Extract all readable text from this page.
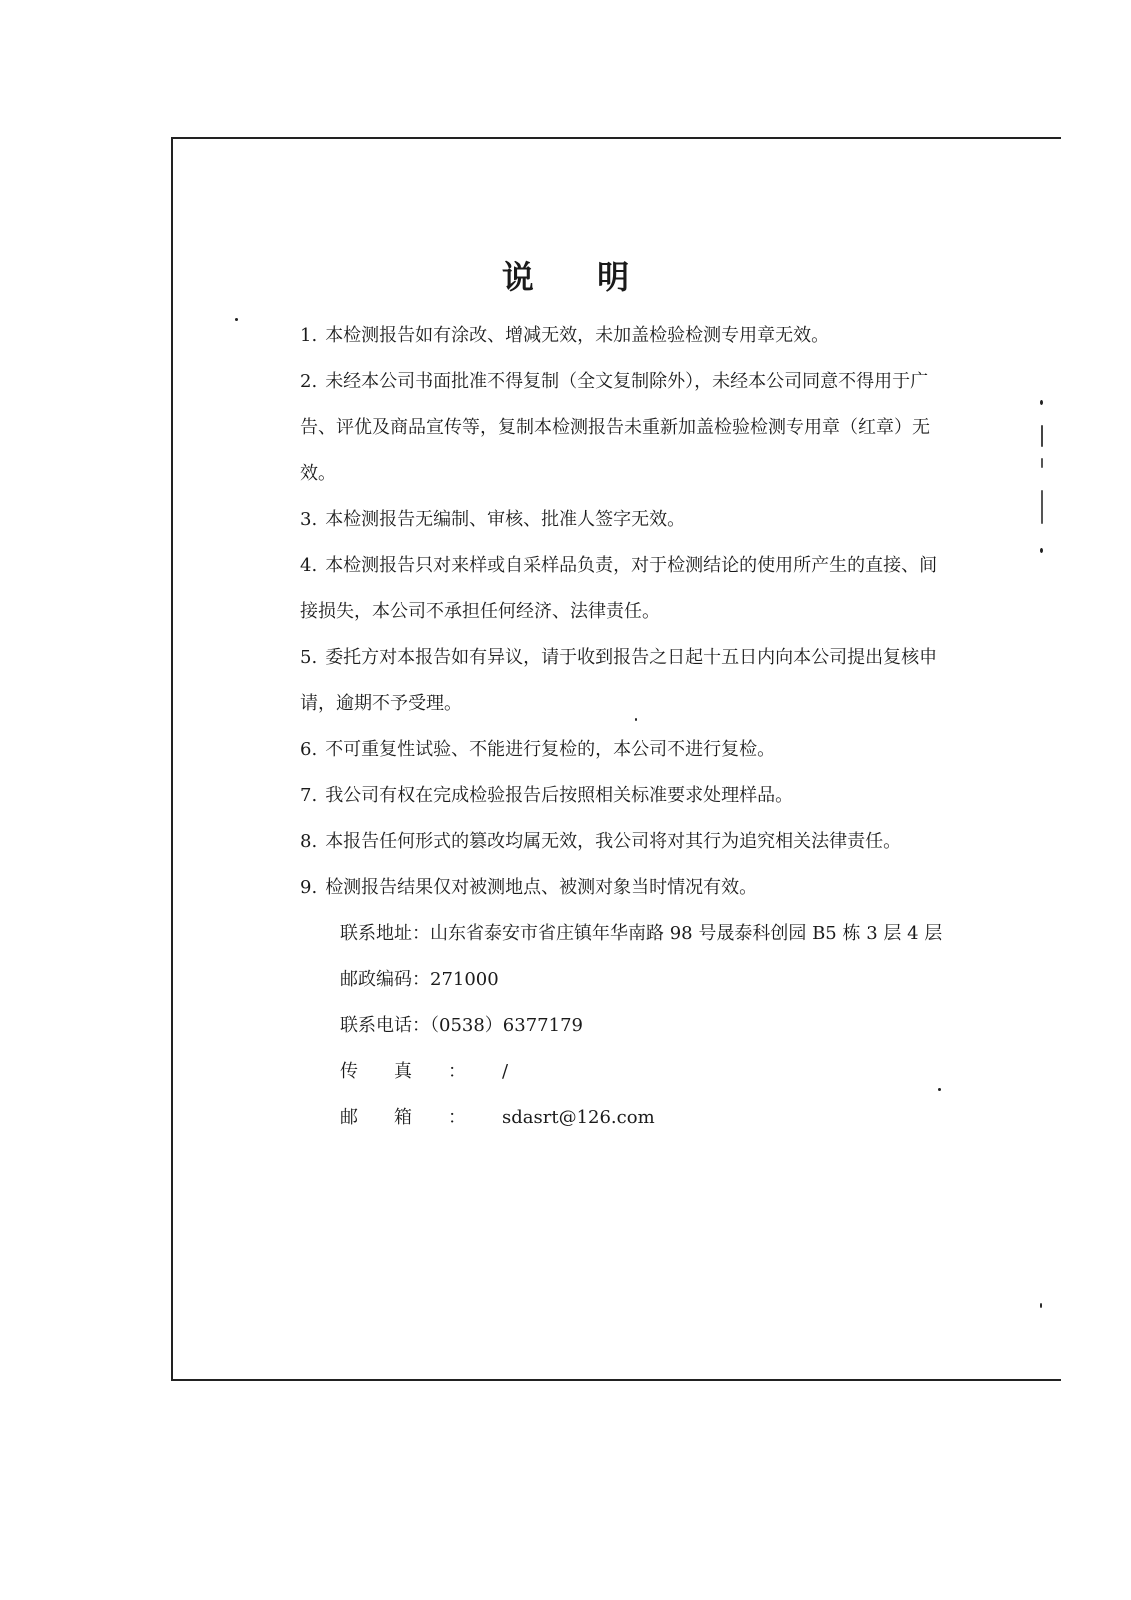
说 明

1. 本检测报告如有涂改、增减无效，未加盖检验检测专用章无效。

2. 未经本公司书面批准不得复制（全文复制除外），未经本公司同意不得用于广告、评优及商品宣传等，复制本检测报告未重新加盖检验检测专用章（红章）无效。

3. 本检测报告无编制、审核、批准人签字无效。

4. 本检测报告只对来样或自采样品负责，对于检测结论的使用所产生的直接、间接损失，本公司不承担任何经济、法律责任。

5. 委托方对本报告如有异议，请于收到报告之日起十五日内向本公司提出复核申请，逾期不予受理。

6. 不可重复性试验、不能进行复检的，本公司不进行复检。

7. 我公司有权在完成检验报告后按照相关标准要求处理样品。

8. 本报告任何形式的篡改均属无效，我公司将对其行为追究相关法律责任。

9. 检测报告结果仅对被测地点、被测对象当时情况有效。

联系地址：山东省泰安市省庄镇年华南路 98 号晟泰科创园 B5 栋 3 层 4 层

邮政编码：271000

联系电话：（0538）6377179

传真：/

邮箱：sdasrt@126.com
